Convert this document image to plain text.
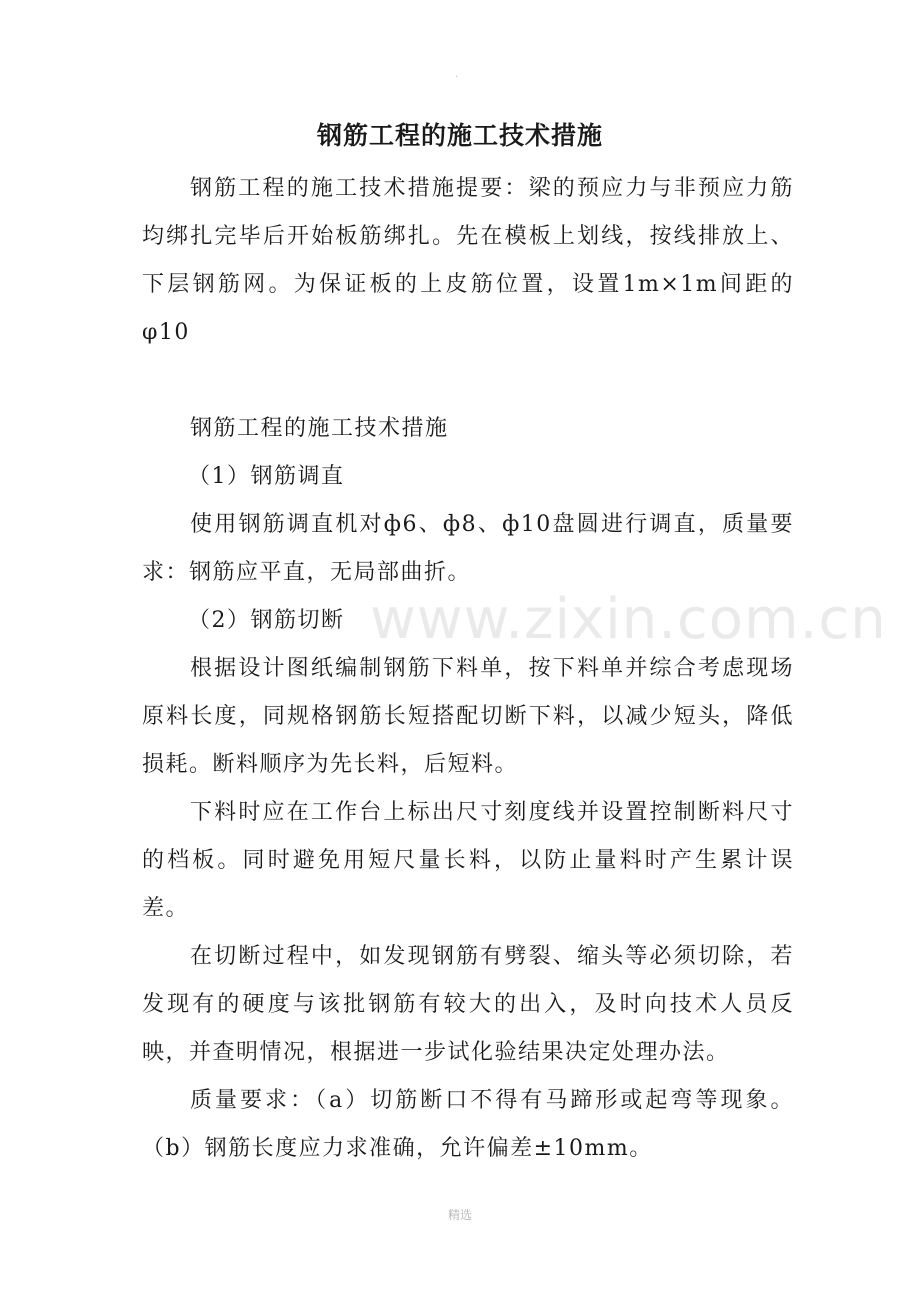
.
钢筋工程的施工技术措施

钢筋工程的施工技术措施提要：梁的预应力与非预应力筋均绑扎完毕后开始板筋绑扎。先在模板上划线，按线排放上、下层钢筋网。为保证板的上皮筋位置，设置1m×1m间距的φ10

钢筋工程的施工技术措施

（1）钢筋调直

使用钢筋调直机对ф6、ф8、ф10盘圆进行调直，质量要求：钢筋应平直，无局部曲折。

（2）钢筋切断

根据设计图纸编制钢筋下料单，按下料单并综合考虑现场原料长度，同规格钢筋长短搭配切断下料，以减少短头，降低损耗。断料顺序为先长料，后短料。

下料时应在工作台上标出尺寸刻度线并设置控制断料尺寸的档板。同时避免用短尺量长料，以防止量料时产生累计误差。

在切断过程中，如发现钢筋有劈裂、缩头等必须切除，若发现有的硬度与该批钢筋有较大的出入，及时向技术人员反映，并查明情况，根据进一步试化验结果决定处理办法。

质量要求：（a）切筋断口不得有马蹄形或起弯等现象。（b）钢筋长度应力求准确，允许偏差±10mm。

www.zixin.com.cn
精选
